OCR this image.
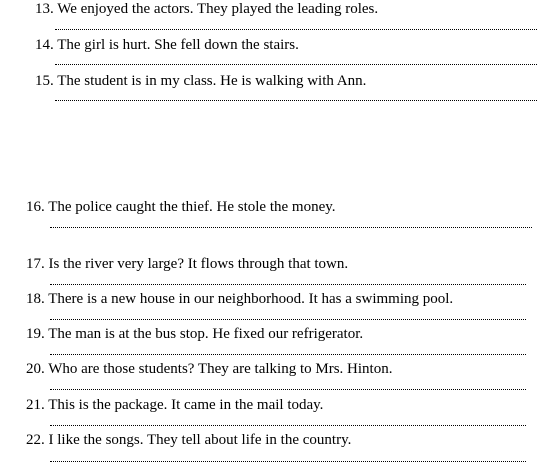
13. We enjoyed the actors. They played the leading roles.
14. The girl is hurt. She fell down the stairs.
15. The student is in my class. He is walking with Ann.
16. The police caught the thief. He stole the money.
17. Is the river very large? It flows through that town.
18. There is a new house in our neighborhood. It has a swimming pool.
19. The man is at the bus stop. He fixed our refrigerator.
20. Who are those students? They are talking to Mrs. Hinton.
21. This is the package. It came in the mail today.
22. I like the songs. They tell about life in the country.
